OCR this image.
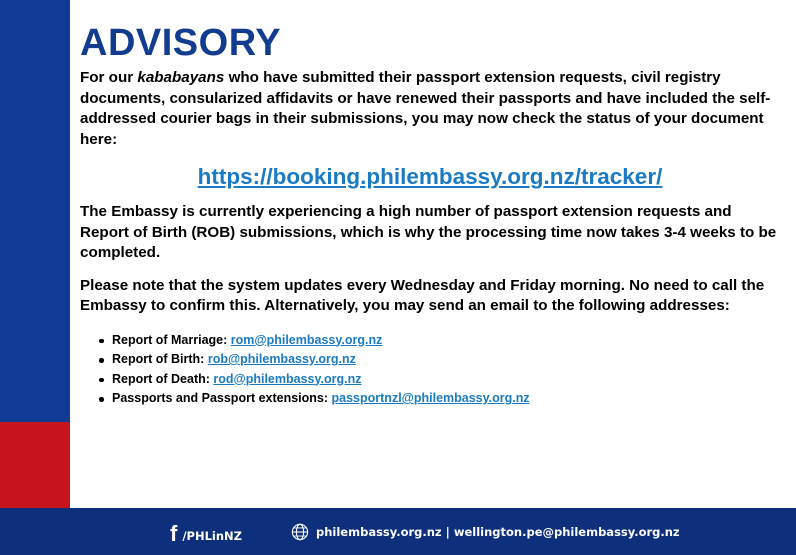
ADVISORY

For our kababayans who have submitted their passport extension requests, civil registry documents, consularized affidavits or have renewed their passports and have included the self-addressed courier bags in their submissions, you may now check the status of your document here:

https://booking.philembassy.org.nz/tracker/

The Embassy is currently experiencing a high number of passport extension requests and Report of Birth (ROB) submissions, which is why the processing time now takes 3-4 weeks to be completed.

Please note that the system updates every Wednesday and Friday morning. No need to call the Embassy to confirm this. Alternatively, you may send an email to the following addresses:

Report of Marriage: rom@philembassy.org.nz
Report of Birth: rob@philembassy.org.nz
Report of Death: rod@philembassy.org.nz
Passports and Passport extensions: passportnzl@philembassy.org.nz
f /PHLinNZ	philembassy.org.nz | wellington.pe@philembassy.org.nz
